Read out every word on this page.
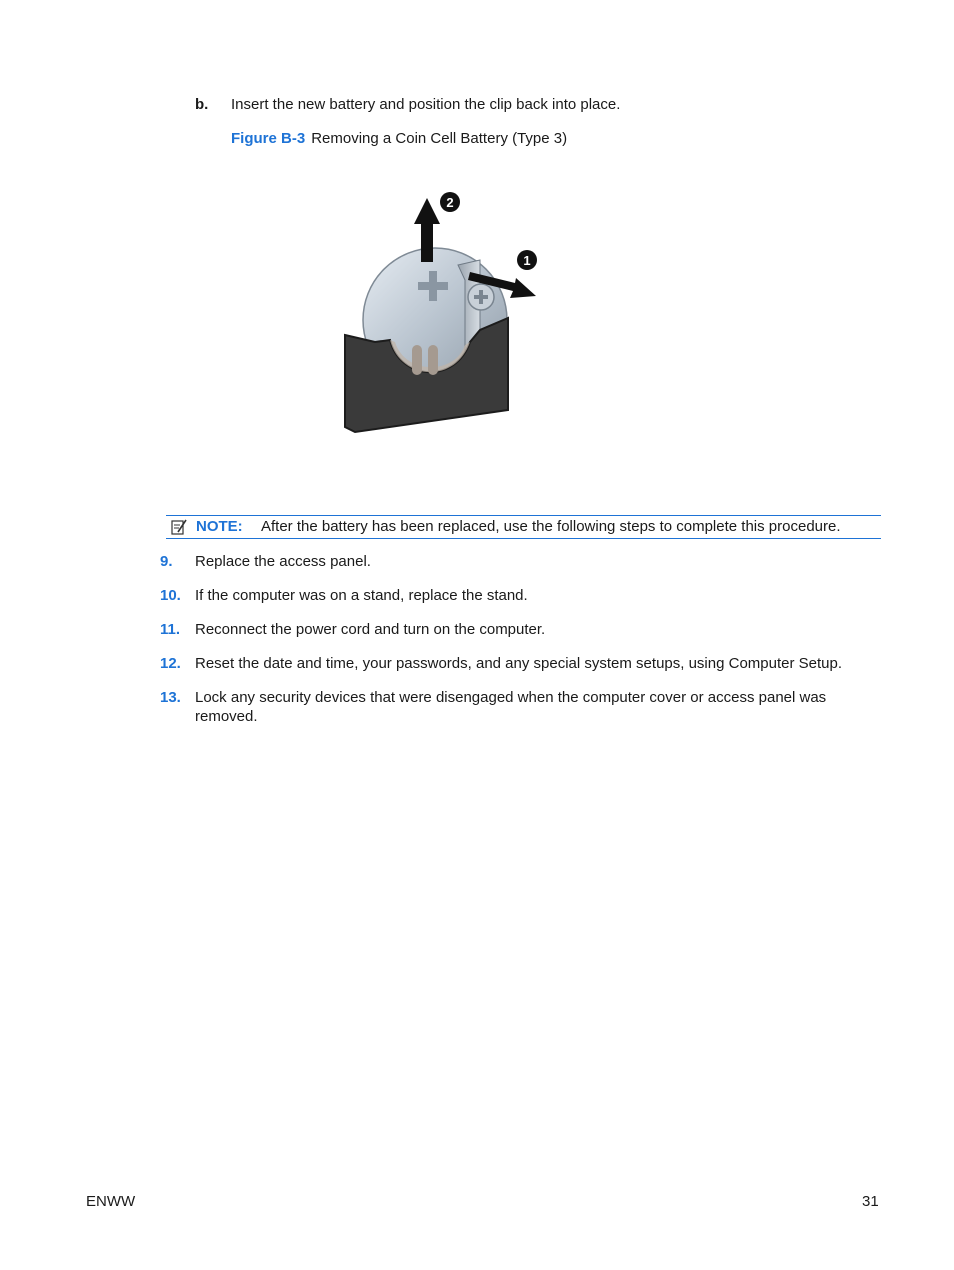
b. Insert the new battery and position the clip back into place.
Figure B-3 Removing a Coin Cell Battery (Type 3)
2
1
NOTE: After the battery has been replaced, use the following steps to complete this procedure.
9. Replace the access panel.
10. If the computer was on a stand, replace the stand.
11. Reconnect the power cord and turn on the computer.
12. Reset the date and time, your passwords, and any special system setups, using Computer Setup.
13. Lock any security devices that were disengaged when the computer cover or access panel was removed.
ENWW	31
